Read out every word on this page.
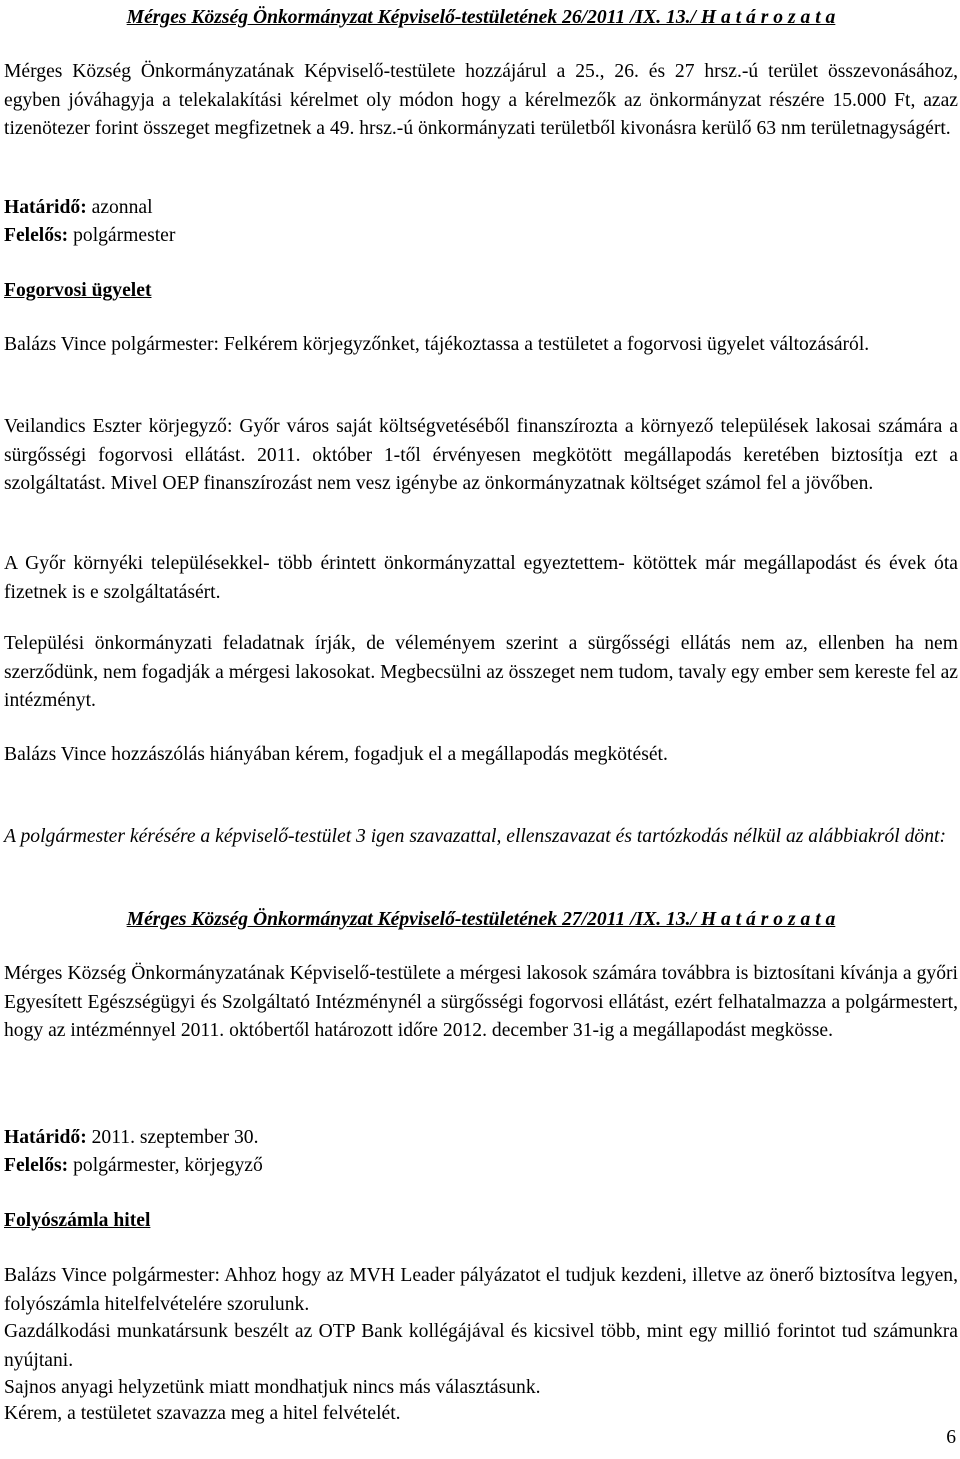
Mérges Község Önkormányzat Képviselő-testületének 26/2011 /IX. 13./ H a t á r o z a t a

Mérges Község Önkormányzatának Képviselő-testülete hozzájárul a 25., 26. és 27 hrsz.-ú terület összevonásához, egyben jóváhagyja a telekalakítási kérelmet oly módon hogy a kérelmezők az önkormányzat részére 15.000 Ft, azaz tizenötezer forint összeget megfizetnek a 49. hrsz.-ú önkormányzati területből kivonásra kerülő 63 nm területnagyságért.

Határidő: azonnal

Felelős: polgármester

Fogorvosi ügyelet

Balázs Vince polgármester: Felkérem körjegyzőnket, tájékoztassa a testületet a fogorvosi ügyelet változásáról.

Veilandics Eszter körjegyző: Győr város saját költségvetéséből finanszírozta a környező települések lakosai számára a sürgősségi fogorvosi ellátást. 2011. október 1-től érvényesen megkötött megállapodás keretében biztosítja ezt a szolgáltatást. Mivel OEP finanszírozást nem vesz igénybe az önkormányzatnak költséget számol fel a jövőben.

A Győr környéki településekkel- több érintett önkormányzattal egyeztettem- kötöttek már megállapodást és évek óta fizetnek is e szolgáltatásért.

Települési önkormányzati feladatnak írják, de véleményem szerint a sürgősségi ellátás nem az, ellenben ha nem szerződünk, nem fogadják a mérgesi lakosokat. Megbecsülni az összeget nem tudom, tavaly egy ember sem kereste fel az intézményt.

Balázs Vince hozzászólás hiányában kérem, fogadjuk el a megállapodás megkötését.

A polgármester kérésére a képviselő-testület 3 igen szavazattal, ellenszavazat és tartózkodás nélkül az alábbiakról dönt:

Mérges Község Önkormányzat Képviselő-testületének 27/2011 /IX. 13./ H a t á r o z a t a

Mérges Község Önkormányzatának Képviselő-testülete a mérgesi lakosok számára továbbra is biztosítani kívánja a győri Egyesített Egészségügyi és Szolgáltató Intézménynél a sürgősségi fogorvosi ellátást, ezért felhatalmazza a polgármestert, hogy az intézménnyel 2011. októbertől határozott időre 2012. december 31-ig a megállapodást megkösse.

Határidő: 2011. szeptember 30.

Felelős: polgármester, körjegyző

Folyószámla hitel

Balázs Vince polgármester: Ahhoz hogy az MVH Leader pályázatot el tudjuk kezdeni, illetve az önerő biztosítva legyen, folyószámla hitelfelvételére szorulunk.

Gazdálkodási munkatársunk beszélt az OTP Bank kollégájával és kicsivel több, mint egy millió forintot tud számunkra nyújtani.

Sajnos anyagi helyzetünk miatt mondhatjuk nincs más választásunk.

Kérem, a testületet szavazza meg a hitel felvételét.

6
